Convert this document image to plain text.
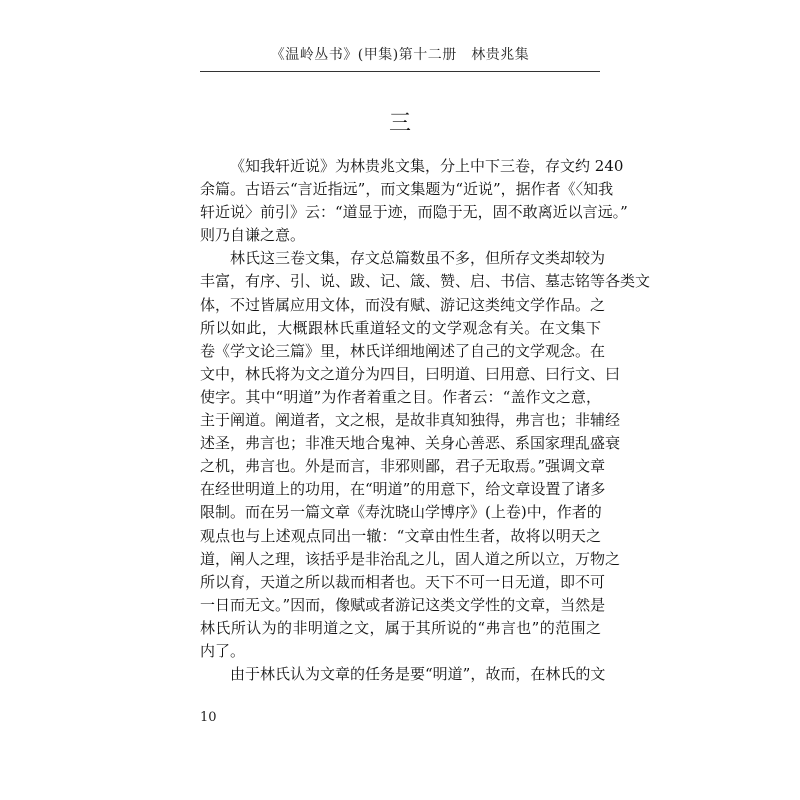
《温岭丛书》(甲集)第十二册　林贵兆集
三
《知我轩近说》为林贵兆文集，分上中下三卷，存文约 240
余篇。古语云“言近指远”，而文集题为“近说”，据作者《〈知我
轩近说〉前引》云：“道显于迹，而隐于无，固不敢离近以言远。”
则乃自谦之意。
林氏这三卷文集，存文总篇数虽不多，但所存文类却较为
丰富，有序、引、说、跋、记、箴、赞、启、书信、墓志铭等各类文
体，不过皆属应用文体，而没有赋、游记这类纯文学作品。之
所以如此，大概跟林氏重道轻文的文学观念有关。在文集下
卷《学文论三篇》里，林氏详细地阐述了自己的文学观念。在
文中，林氏将为文之道分为四目，曰明道、曰用意、曰行文、曰
使字。其中“明道”为作者着重之目。作者云：“盖作文之意，
主于阐道。阐道者，文之根，是故非真知独得，弗言也；非辅经
述圣，弗言也；非准天地合鬼神、关身心善恶、系国家理乱盛衰
之机，弗言也。外是而言，非邪则鄙，君子无取焉。”强调文章
在经世明道上的功用，在“明道”的用意下，给文章设置了诸多
限制。而在另一篇文章《寿沈晓山学博序》(上卷)中，作者的
观点也与上述观点同出一辙：“文章由性生者，故将以明天之
道，阐人之理，该括乎是非治乱之儿，固人道之所以立，万物之
所以育，天道之所以裁而相者也。天下不可一日无道，即不可
一日而无文。”因而，像赋或者游记这类文学性的文章，当然是
林氏所认为的非明道之文，属于其所说的“弗言也”的范围之
内了。
由于林氏认为文章的任务是要“明道”，故而，在林氏的文
10
